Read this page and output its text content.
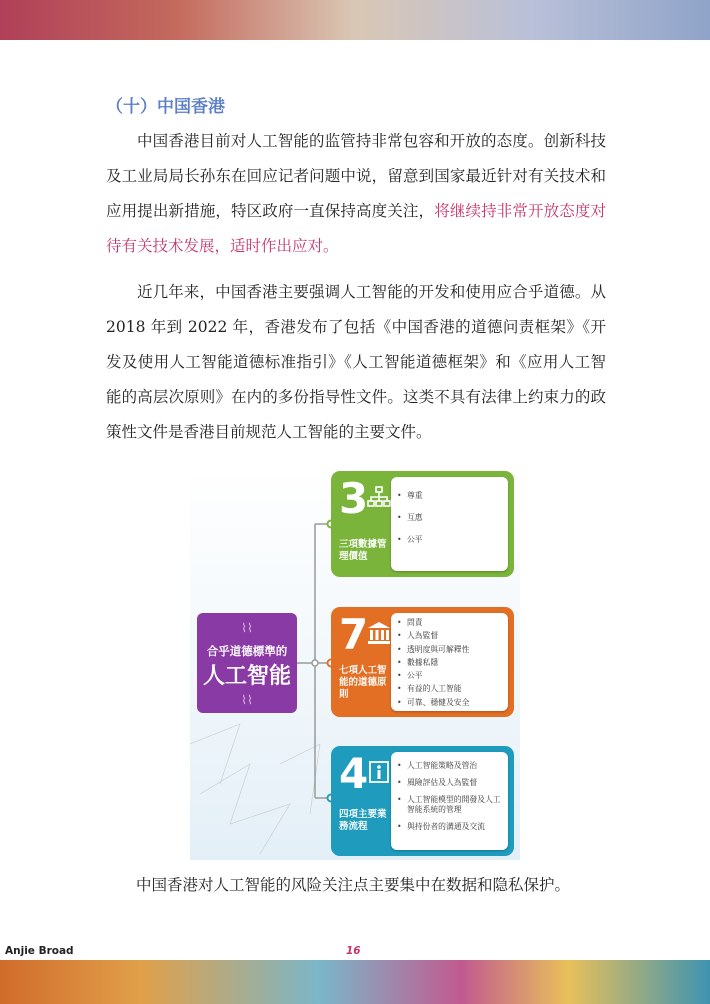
（十）中国香港
中国香港目前对人工智能的监管持非常包容和开放的态度。创新科技及工业局局长孙东在回应记者问题中说，留意到国家最近针对有关技术和应用提出新措施，特区政府一直保持高度关注，将继续持非常开放态度对待有关技术发展，适时作出应对。
近几年来，中国香港主要强调人工智能的开发和使用应合乎道德。从 2018 年到 2022 年，香港发布了包括《中国香港的道德问责框架》《开发及使用人工智能道德标准指引》《人工智能道德框架》和《应用人工智能的高层次原则》在内的多份指导性文件。这类不具有法律上约束力的政策性文件是香港目前规范人工智能的主要文件。
⌇⌇
合乎道德標準的
人工智能
⌇⌇
3
三項數據管理價值
• 尊重
• 互惠
• 公平
7
七項人工智能的道德原則
• 問責
• 人為監督
• 透明度與可解釋性
• 數據私隱
• 公平
• 有益的人工智能
• 可靠、穩健及安全
4
四項主要業務流程
• 人工智能策略及管治
• 風險評估及人為監督
• 人工智能模型的開發及人工智能系統的管理
• 與持份者的溝通及交流
中国香港对人工智能的风险关注点主要集中在数据和隐私保护。
Anjie Broad	16
